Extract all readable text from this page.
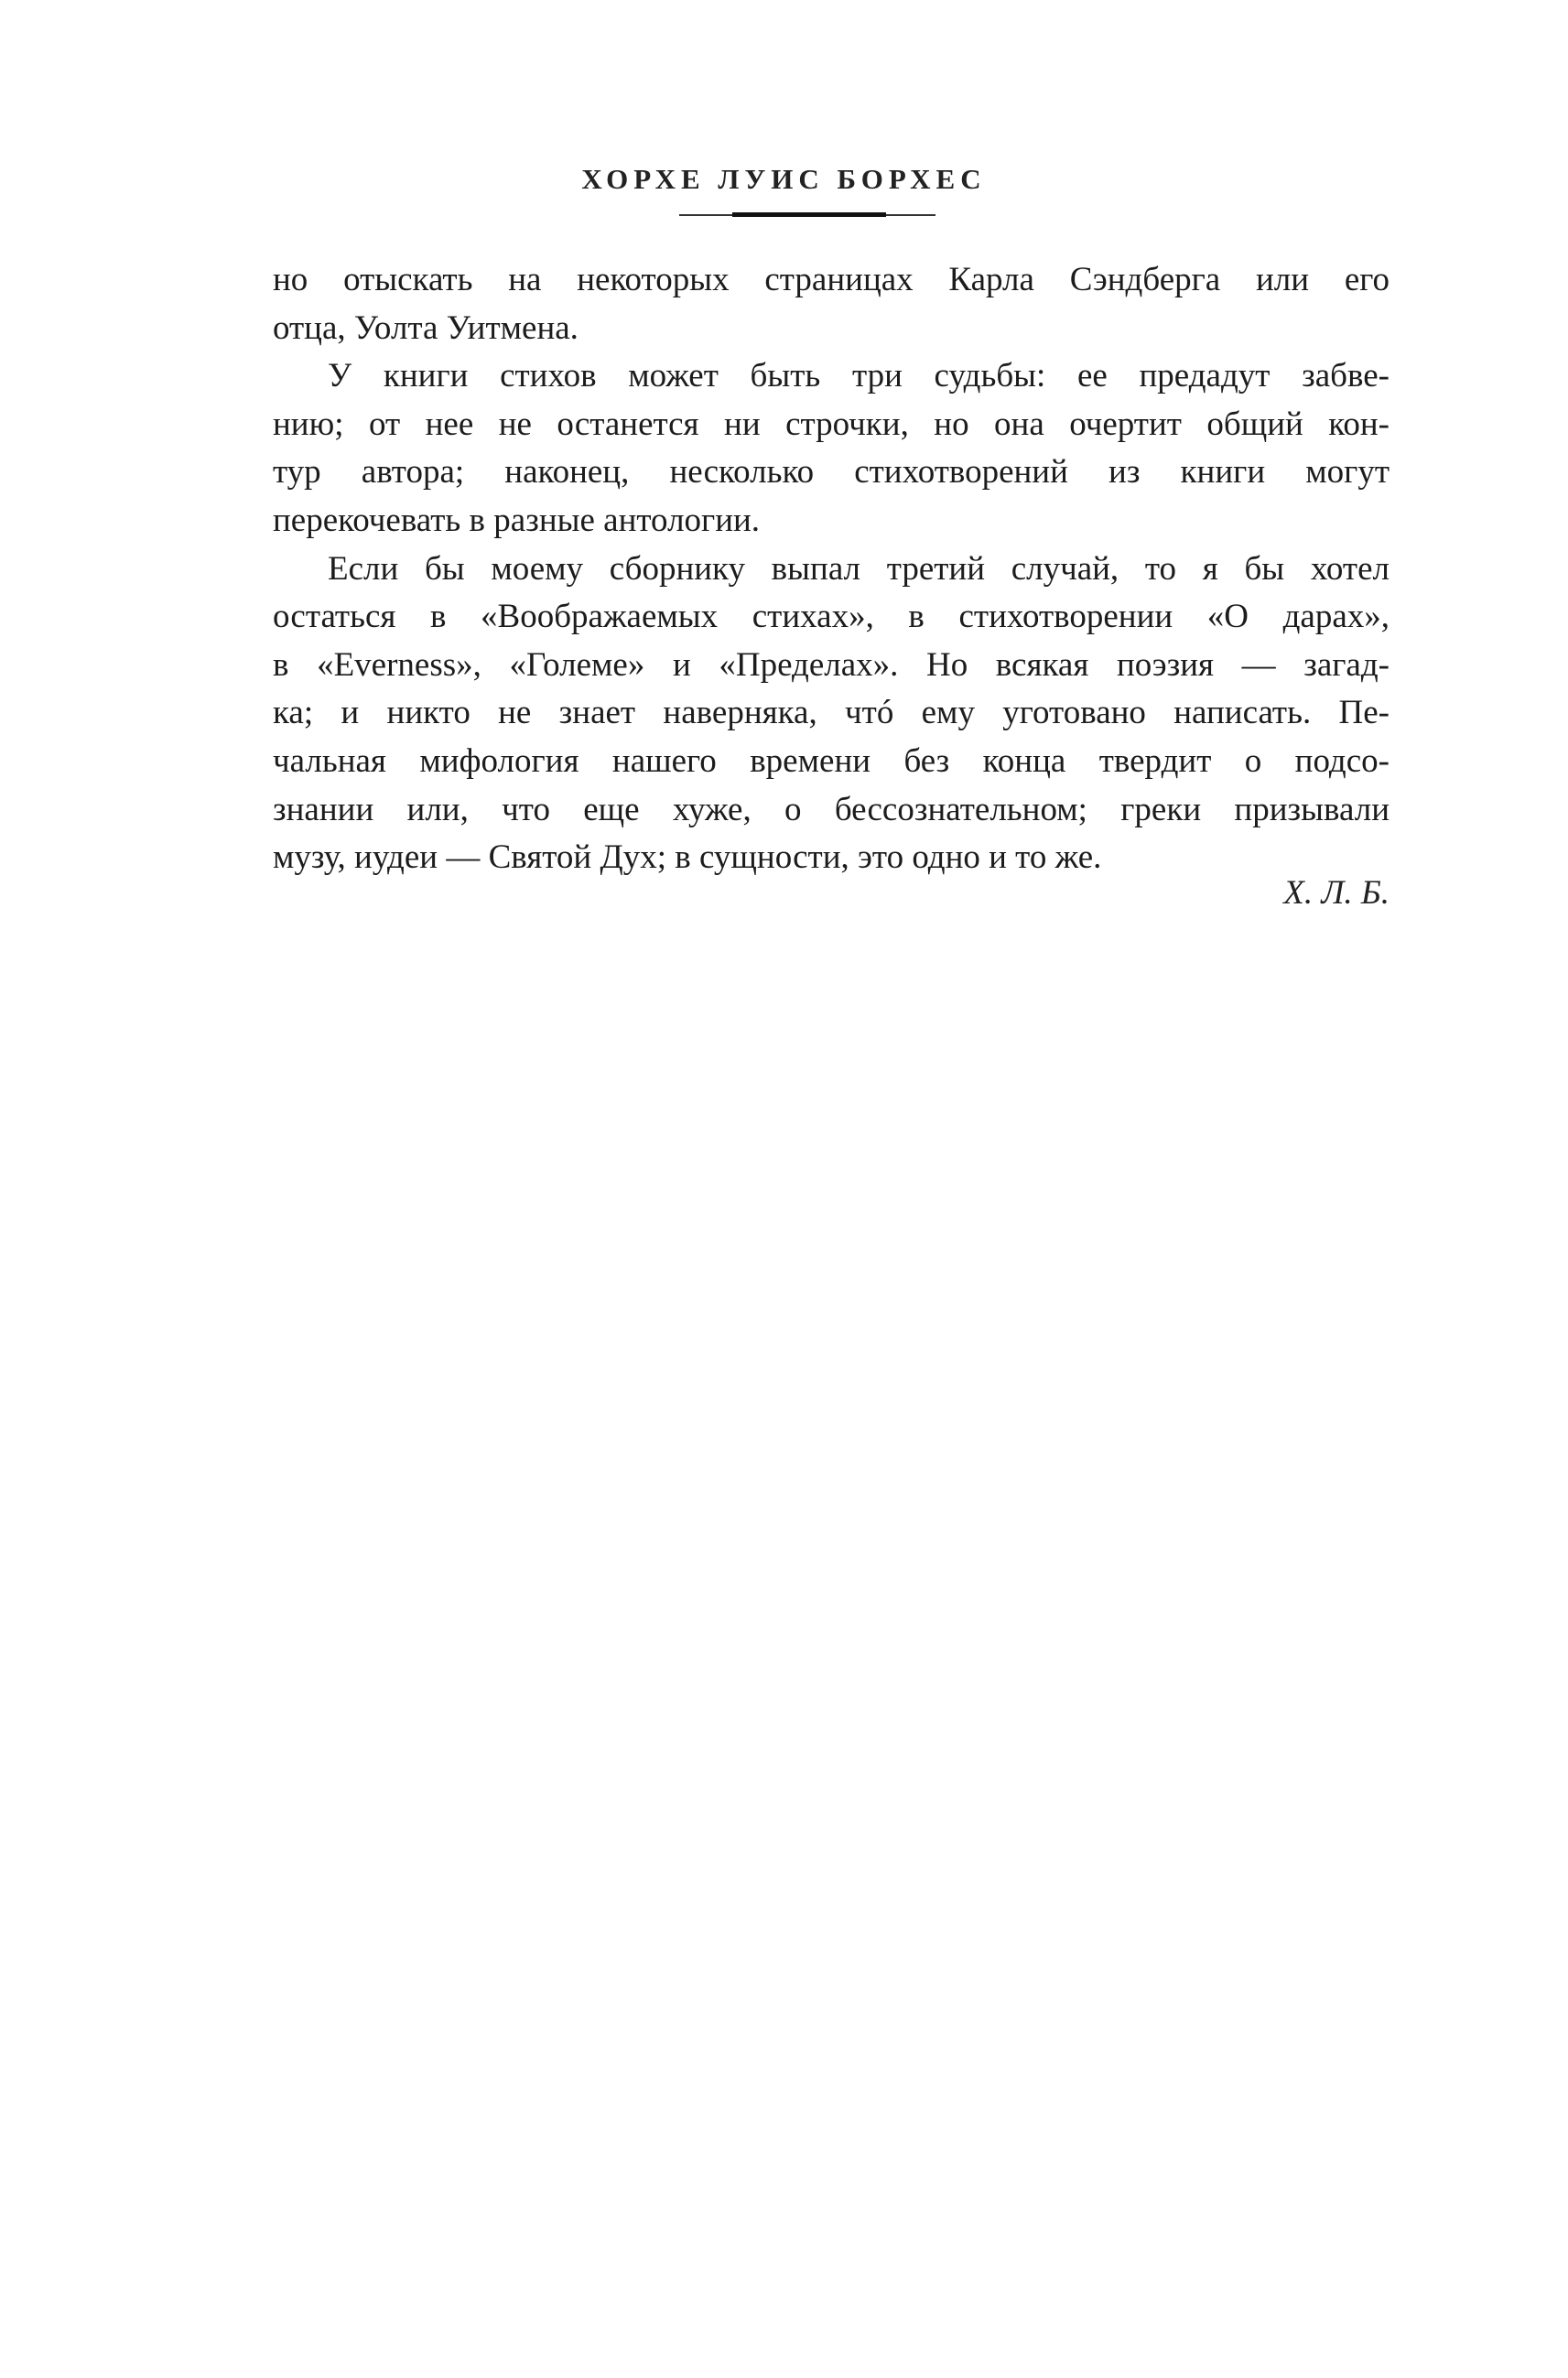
ХОРХЕ ЛУИС БОРХЕС
но отыскать на некоторых страницах Карла Сэндберга или его
отца, Уолта Уитмена.
У книги стихов может быть три судьбы: ее предадут забве-
нию; от нее не останется ни строчки, но она очертит общий кон-
тур автора; наконец, несколько стихотворений из книги могут
перекочевать в разные антологии.
Если бы моему сборнику выпал третий случай, то я бы хотел
остаться в «Воображаемых стихах», в стихотворении «О дарах»,
в «Everness», «Големе» и «Пределах». Но всякая поэзия — загад-
ка; и никто не знает наверняка, чтó ему уготовано написать. Пе-
чальная мифология нашего времени без конца твердит о подсо-
знании или, что еще хуже, о бессознательном; греки призывали
музу, иудеи — Святой Дух; в сущности, это одно и то же.
Х. Л. Б.
